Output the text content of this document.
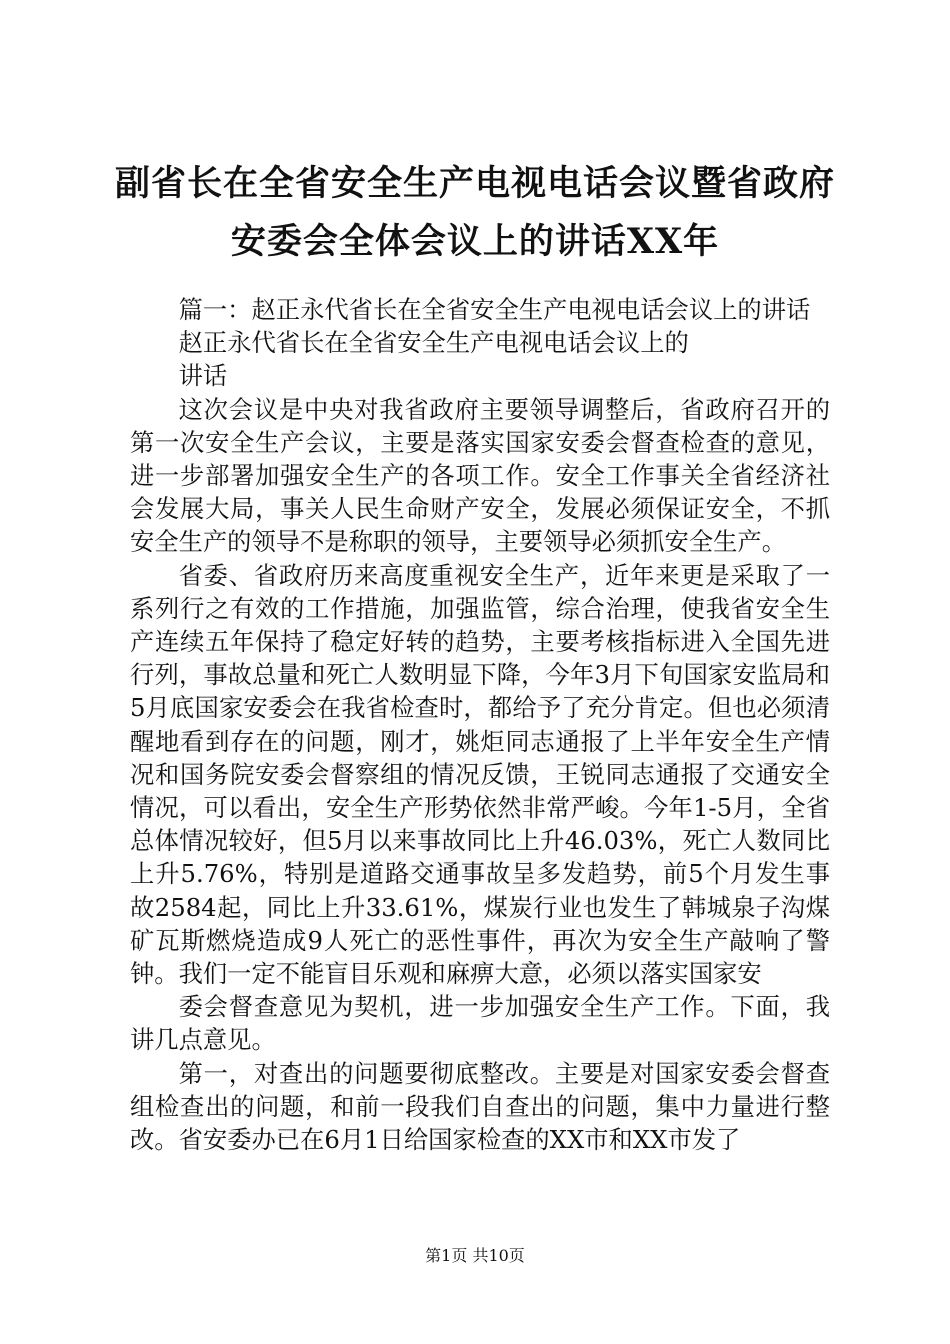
副省长在全省安全生产电视电话会议暨省政府
安委会全体会议上的讲话XX年

篇一：赵正永代省长在全省安全生产电视电话会议上的讲话

赵正永代省长在全省安全生产电视电话会议上的

讲话

这次会议是中央对我省政府主要领导调整后，省政府召开的第一次安全生产会议，主要是落实国家安委会督查检查的意见，进一步部署加强安全生产的各项工作。安全工作事关全省经济社会发展大局，事关人民生命财产安全，发展必须保证安全，不抓安全生产的领导不是称职的领导，主要领导必须抓安全生产。

省委、省政府历来高度重视安全生产，近年来更是采取了一系列行之有效的工作措施，加强监管，综合治理，使我省安全生产连续五年保持了稳定好转的趋势，主要考核指标进入全国先进行列，事故总量和死亡人数明显下降，今年3月下旬国家安监局和5月底国家安委会在我省检查时，都给予了充分肯定。但也必须清醒地看到存在的问题，刚才，姚炬同志通报了上半年安全生产情况和国务院安委会督察组的情况反馈，王锐同志通报了交通安全情况，可以看出，安全生产形势依然非常严峻。今年1-5月，全省总体情况较好，但5月以来事故同比上升46.03%，死亡人数同比上升5.76%，特别是道路交通事故呈多发趋势，前5个月发生事故2584起，同比上升33.61%，煤炭行业也发生了韩城泉子沟煤矿瓦斯燃烧造成9人死亡的恶性事件，再次为安全生产敲响了警钟。我们一定不能盲目乐观和麻痹大意，必须以落实国家安

委会督查意见为契机，进一步加强安全生产工作。下面，我讲几点意见。

第一，对查出的问题要彻底整改。主要是对国家安委会督查组检查出的问题，和前一段我们自查出的问题，集中力量进行整改。省安委办已在6月1日给国家检查的XX市和XX市发了

第1页 共10页
